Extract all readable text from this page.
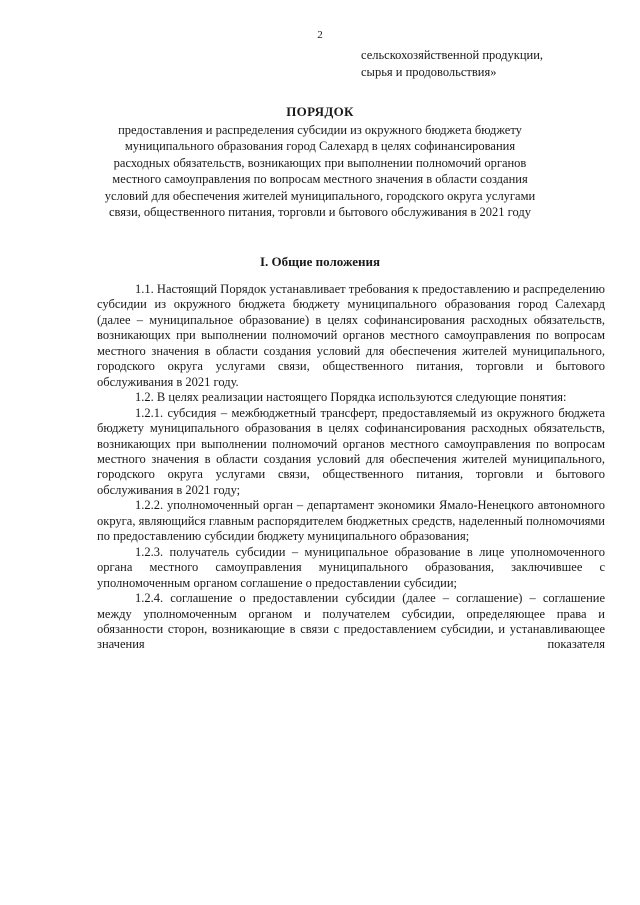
2
сельскохозяйственной продукции,
сырья и продовольствия»
ПОРЯДОК
предоставления и распределения субсидии из окружного бюджета бюджету муниципального образования город Салехард в целях софинансирования расходных обязательств, возникающих при выполнении полномочий органов местного самоуправления по вопросам местного значения в области создания условий для обеспечения жителей муниципального, городского округа услугами связи, общественного питания, торговли и бытового обслуживания в 2021 году
I. Общие положения

1.1. Настоящий Порядок устанавливает требования к предоставлению и распределению субсидии из окружного бюджета бюджету муниципального образования город Салехард (далее – муниципальное образование) в целях софинансирования расходных обязательств, возникающих при выполнении полномочий органов местного самоуправления по вопросам местного значения в области создания условий для обеспечения жителей муниципального, городского округа услугами связи, общественного питания, торговли и бытового обслуживания в 2021 году.

1.2. В целях реализации настоящего Порядка используются следующие понятия:

1.2.1. субсидия – межбюджетный трансферт, предоставляемый из окружного бюджета бюджету муниципального образования в целях софинансирования расходных обязательств, возникающих при выполнении полномочий органов местного самоуправления по вопросам местного значения в области создания условий для обеспечения жителей муниципального, городского округа услугами связи, общественного питания, торговли и бытового обслуживания в 2021 году;

1.2.2. уполномоченный орган – департамент экономики Ямало-Ненецкого автономного округа, являющийся главным распорядителем бюджетных средств, наделенный полномочиями по предоставлению субсидии бюджету муниципального образования;

1.2.3. получатель субсидии – муниципальное образование в лице уполномоченного органа местного самоуправления муниципального образования, заключившее с уполномоченным органом соглашение о предоставлении субсидии;

1.2.4. соглашение о предоставлении субсидии (далее – соглашение) – соглашение между уполномоченным органом и получателем субсидии, определяющее права и обязанности сторон, возникающие в связи с предоставлением субсидии, и устанавливающее значения показателя
